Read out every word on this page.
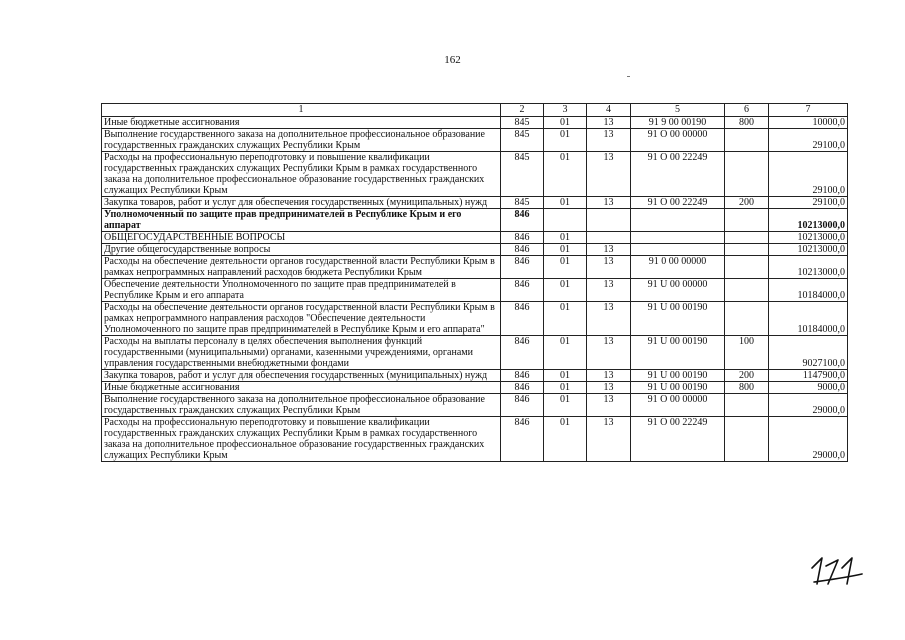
162
1	2	3	4	5	6	7
Иные бюджетные ассигнования	845	01	13	91 9 00 00190	800	10000,0
Выполнение государственного заказа на дополнительное профессиональное образование государственных гражданских служащих Республики Крым	845	01	13	91 О 00 00000		29100,0
Расходы на профессиональную переподготовку и повышение квалификации государственных гражданских служащих Республики Крым в рамках государственного заказа на дополнительное профессиональное образование государственных гражданских служащих Республики Крым	845	01	13	91 О 00 22249		29100,0
Закупка товаров, работ и услуг для обеспечения государственных (муниципальных) нужд	845	01	13	91 О 00 22249	200	29100,0
Уполномоченный по защите прав предпринимателей в Республике Крым и его аппарат	846					10213000,0
ОБЩЕГОСУДАРСТВЕННЫЕ ВОПРОСЫ	846	01				10213000,0
Другие общегосударственные вопросы	846	01	13			10213000,0
Расходы на обеспечение деятельности органов государственной власти Республики Крым в рамках непрограммных направлений расходов бюджета Республики Крым	846	01	13	91 0 00 00000		10213000,0
Обеспечение деятельности Уполномоченного по защите прав предпринимателей в Республике Крым и его аппарата	846	01	13	91 U 00 00000		10184000,0
Расходы на обеспечение деятельности органов государственной власти Республики Крым в рамках непрограммного направления расходов "Обеспечение деятельности Уполномоченного по защите прав предпринимателей в Республике Крым и его аппарата"	846	01	13	91 U 00 00190		10184000,0
Расходы на выплаты персоналу в целях обеспечения выполнения функций государственными (муниципальными) органами, казенными учреждениями, органами управления государственными внебюджетными фондами	846	01	13	91 U 00 00190	100	9027100,0
Закупка товаров, работ и услуг для обеспечения государственных (муниципальных) нужд	846	01	13	91 U 00 00190	200	1147900,0
Иные бюджетные ассигнования	846	01	13	91 U 00 00190	800	9000,0
Выполнение государственного заказа на дополнительное профессиональное образование государственных гражданских служащих Республики Крым	846	01	13	91 О 00 00000		29000,0
Расходы на профессиональную переподготовку и повышение квалификации государственных гражданских служащих Республики Крым в рамках государственного заказа на дополнительное профессиональное образование государственных гражданских служащих Республики Крым	846	01	13	91 О 00 22249		29000,0
